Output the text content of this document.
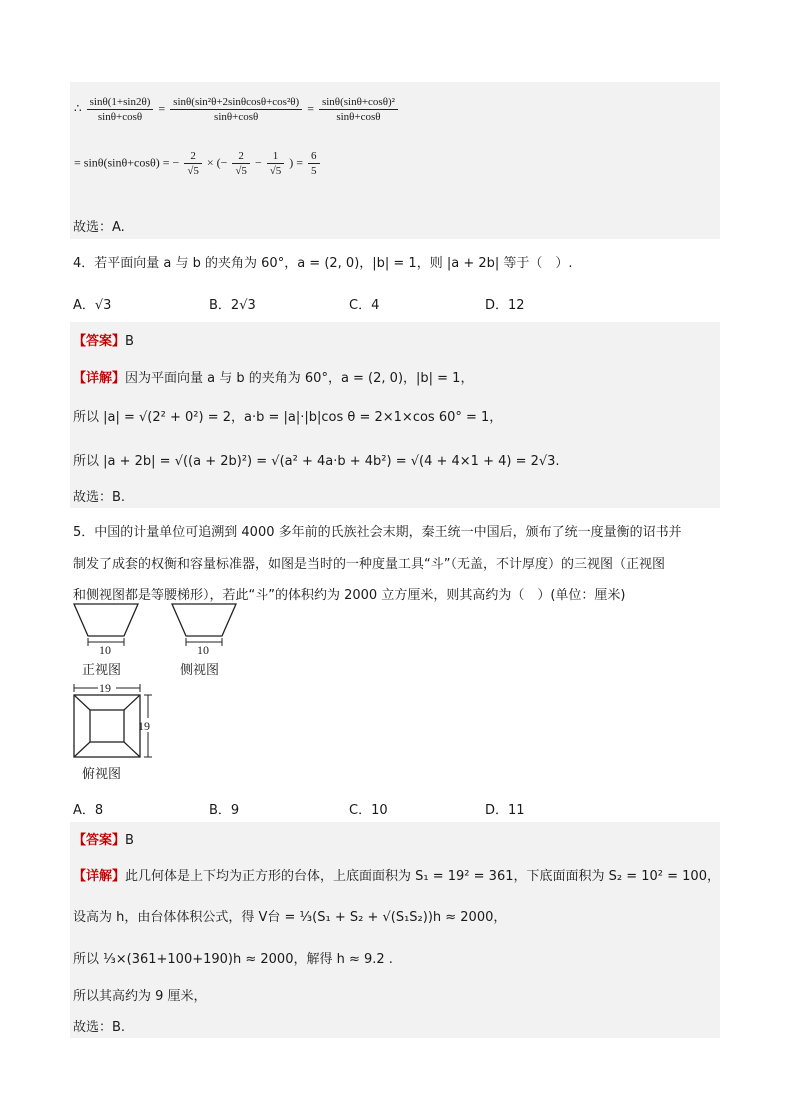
∴ $\frac{\sin\theta(1+\sin 2\theta)}{\sin\theta+\cos\theta} = \frac{\text{sinθ(sin²θ+2sinθcosθ+cos²θ)}}{\sin\theta+\cos\theta} = \frac{\text{sinθ(sinθ+cosθ)²}}{\sin\theta+\cos\theta}$
= sinθ(sinθ+cosθ) = − $\frac{2}{√5}$ × (− $\frac{2}{√5} - \frac{1}{√5}$ ) = $\frac{6}{5}$
故选：A.
4．若平面向量 a 与 b 的夹角为 60°，a = (2, 0)，|b| = 1，则 |a + 2b| 等于（　）.
A．√3	B．2√3	C．4	D．12
【答案】B
【详解】因为平面向量 a 与 b 的夹角为 60°，a = (2, 0)，|b| = 1，
所以 |a| = √(2² + 0²) = 2，a·b = |a|·|b|cos θ = 2×1×cos 60° = 1，
所以 |a + 2b| = √((a + 2b)²) = √(a² + 4a·b + 4b²) = √(4 + 4×1 + 4) = 2√3.
故选：B.
5．中国的计量单位可追溯到 4000 多年前的氏族社会末期，秦王统一中国后，颁布了统一度量衡的诏书并
制发了成套的权衡和容量标准器，如图是当时的一种度量工具“斗”（无盖，不计厚度）的三视图（正视图
和侧视图都是等腰梯形），若此“斗”的体积约为 2000 立方厘米，则其高约为（　）(单位：厘米)
10	10
19
19
正视图	侧视图
俯视图
A．8	B．9	C．10	D．11
【答案】B
【详解】此几何体是上下均为正方形的台体，上底面面积为 S₁ = 19² = 361，下底面面积为 S₂ = 10² = 100，
设高为 h，由台体体积公式，得 V台 = ⅓(S₁ + S₂ + √(S₁S₂))h ≈ 2000，
所以 ⅓×(361+100+190)h ≈ 2000，解得 h ≈ 9.2 .
所以其高约为 9 厘米，
故选：B.
